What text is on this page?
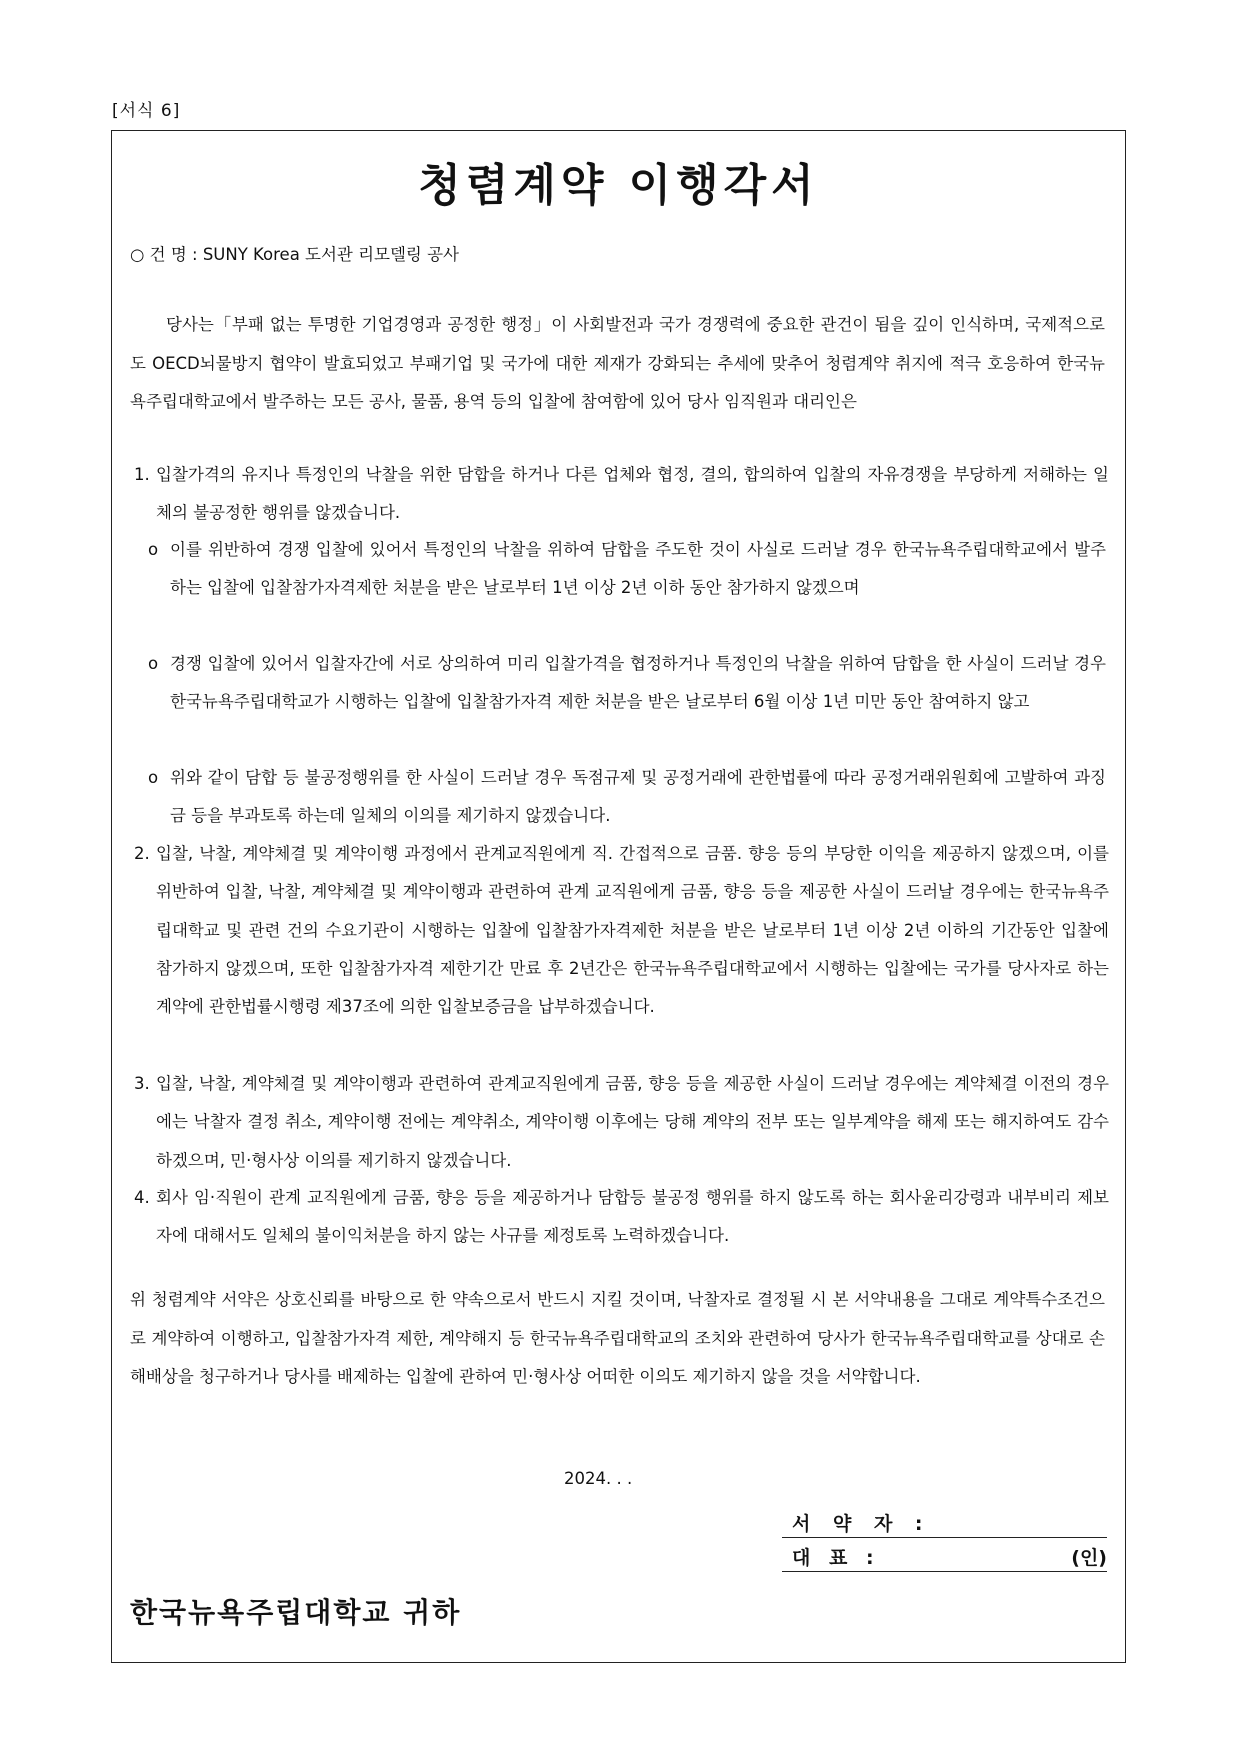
[서식 6]
청렴계약 이행각서
○ 건 명 : SUNY Korea 도서관 리모델링 공사
당사는「부패 없는 투명한 기업경영과 공정한 행정」이 사회발전과 국가 경쟁력에 중요한 관건이 됨을 깊이 인식하며, 국제적으로도 OECD뇌물방지 협약이 발효되었고 부패기업 및 국가에 대한 제재가 강화되는 추세에 맞추어 청렴계약 취지에 적극 호응하여 한국뉴욕주립대학교에서 발주하는 모든 공사, 물품, 용역 등의 입찰에 참여함에 있어 당사 임직원과 대리인은
1. 입찰가격의 유지나 특정인의 낙찰을 위한 담합을 하거나 다른 업체와 협정, 결의, 합의하여 입찰의 자유경쟁을 부당하게 저해하는 일체의 불공정한 행위를 않겠습니다.
o 이를 위반하여 경쟁 입찰에 있어서 특정인의 낙찰을 위하여 담합을 주도한 것이 사실로 드러날 경우 한국뉴욕주립대학교에서 발주하는 입찰에 입찰참가자격제한 처분을 받은 날로부터 1년 이상 2년 이하 동안 참가하지 않겠으며
o 경쟁 입찰에 있어서 입찰자간에 서로 상의하여 미리 입찰가격을 협정하거나 특정인의 낙찰을 위하여 담합을 한 사실이 드러날 경우 한국뉴욕주립대학교가 시행하는 입찰에 입찰참가자격 제한 처분을 받은 날로부터 6월 이상 1년 미만 동안 참여하지 않고
o 위와 같이 담합 등 불공정행위를 한 사실이 드러날 경우 독점규제 및 공정거래에 관한법률에 따라 공정거래위원회에 고발하여 과징금 등을 부과토록 하는데 일체의 이의를 제기하지 않겠습니다.
2. 입찰, 낙찰, 계약체결 및 계약이행 과정에서 관계교직원에게 직. 간접적으로 금품. 향응 등의 부당한 이익을 제공하지 않겠으며, 이를 위반하여 입찰, 낙찰, 계약체결 및 계약이행과 관련하여 관계 교직원에게 금품, 향응 등을 제공한 사실이 드러날 경우에는 한국뉴욕주립대학교 및 관련 건의 수요기관이 시행하는 입찰에 입찰참가자격제한 처분을 받은 날로부터 1년 이상 2년 이하의 기간동안 입찰에 참가하지 않겠으며, 또한 입찰참가자격 제한기간 만료 후 2년간은 한국뉴욕주립대학교에서 시행하는 입찰에는 국가를 당사자로 하는 계약에 관한법률시행령 제37조에 의한 입찰보증금을 납부하겠습니다.
3. 입찰, 낙찰, 계약체결 및 계약이행과 관련하여 관계교직원에게 금품, 향응 등을 제공한 사실이 드러날 경우에는 계약체결 이전의 경우에는 낙찰자 결정 취소, 계약이행 전에는 계약취소, 계약이행 이후에는 당해 계약의 전부 또는 일부계약을 해제 또는 해지하여도 감수하겠으며, 민·형사상 이의를 제기하지 않겠습니다.
4. 회사 임·직원이 관계 교직원에게 금품, 향응 등을 제공하거나 담합등 불공정 행위를 하지 않도록 하는 회사윤리강령과 내부비리 제보자에 대해서도 일체의 불이익처분을 하지 않는 사규를 제정토록 노력하겠습니다.
위 청렴계약 서약은 상호신뢰를 바탕으로 한 약속으로서 반드시 지킬 것이며, 낙찰자로 결정될 시 본 서약내용을 그대로 계약특수조건으로 계약하여 이행하고, 입찰참가자격 제한, 계약해지 등 한국뉴욕주립대학교의 조치와 관련하여 당사가 한국뉴욕주립대학교를 상대로 손해배상을 청구하거나 당사를 배제하는 입찰에 관하여 민·형사상 어떠한 이의도 제기하지 않을 것을 서약합니다.
2024. . .
서 약 자 :
대 표 :	(인)
한국뉴욕주립대학교 귀하
